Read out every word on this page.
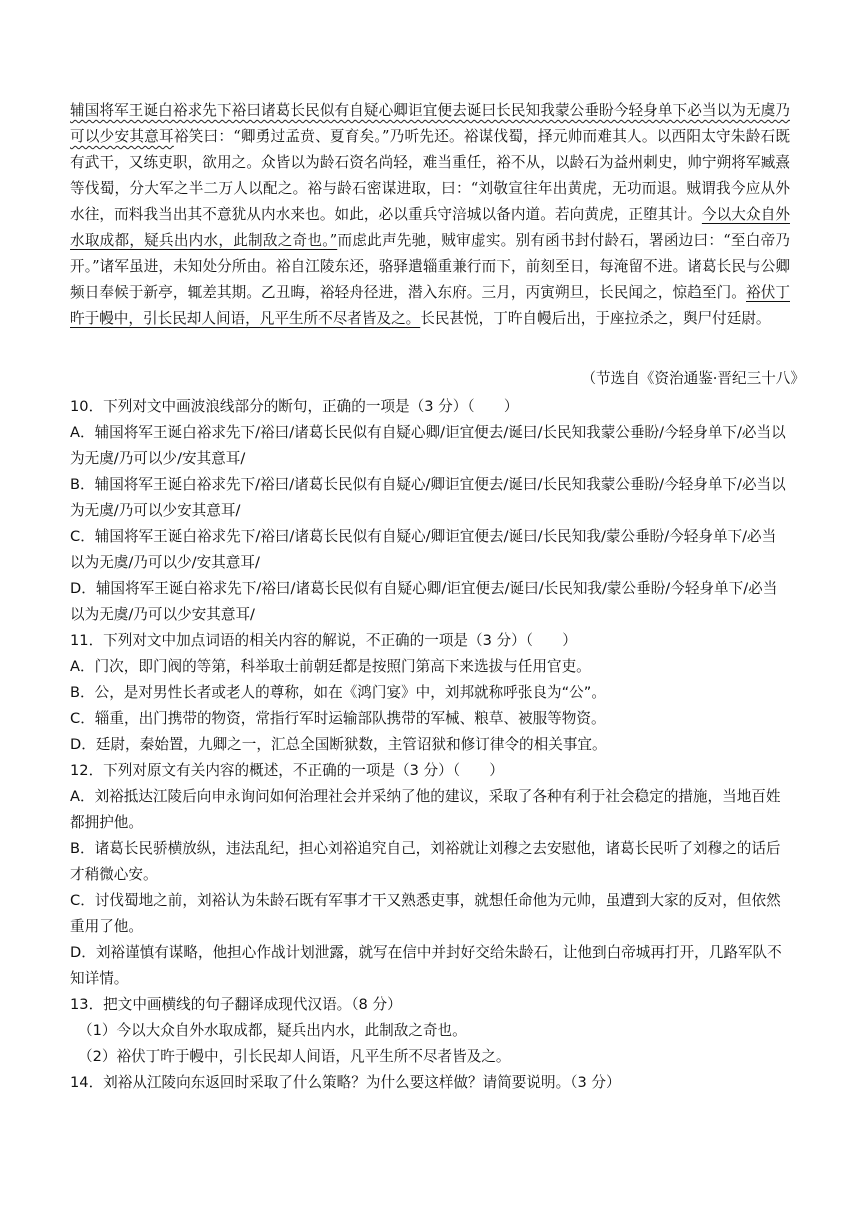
辅国将军王诞白裕求先下裕曰诸葛长民似有自疑心卿讵宜便去诞曰长民知我蒙公垂盼今轻身单下必当以为无虞乃可以少安其意耳裕笑曰：“卿勇过孟贲、夏育矣。”乃听先还。裕谋伐蜀，择元帅而难其人。以西阳太守朱龄石既有武干，又练吏职，欲用之。众皆以为龄石资名尚轻，难当重任，裕不从，以龄石为益州刺史，帅宁朔将军臧熹等伐蜀，分大军之半二万人以配之。裕与龄石密谋进取，曰：“刘敬宣往年出黄虎，无功而退。贼谓我今应从外水往，而料我当出其不意犹从内水来也。如此，必以重兵守涪城以备内道。若向黄虎，正堕其计。今以大众自外水取成都，疑兵出内水，此制敌之奇也。”而虑此声先驰，贼审虚实。别有函书封付龄石，署函边曰：“至白帝乃开。”诸军虽进，未知处分所由。裕自江陵东还，骆驿遣辎重兼行而下，前刻至日，每淹留不进。诸葛长民与公卿频日奉候于新亭，辄差其期。乙丑晦，裕轻舟径进，潜入东府。三月，丙寅朔旦，长民闻之，惊趋至门。裕伏丁旿于幔中，引长民却人间语，凡平生所不尽者皆及之。长民甚悦，丁旿自幔后出，于座拉杀之，舆尸付廷尉。

（节选自《资治通鉴·晋纪三十八》

10．下列对文中画波浪线部分的断句，正确的一项是（3 分）（　　）

A．辅国将军王诞白裕求先下/裕曰/诸葛长民似有自疑心卿/讵宜便去/诞曰/长民知我蒙公垂盼/今轻身单下/必当以为无虞/乃可以少/安其意耳/

B．辅国将军王诞白裕求先下/裕曰/诸葛长民似有自疑心/卿讵宜便去/诞曰/长民知我蒙公垂盼/今轻身单下/必当以为无虞/乃可以少安其意耳/

C．辅国将军王诞白裕求先下/裕曰/诸葛长民似有自疑心/卿讵宜便去/诞曰/长民知我/蒙公垂盼/今轻身单下/必当以为无虞/乃可以少/安其意耳/

D．辅国将军王诞白裕求先下/裕曰/诸葛长民似有自疑心卿/讵宜便去/诞曰/长民知我/蒙公垂盼/今轻身单下/必当以为无虞/乃可以少安其意耳/

11．下列对文中加点词语的相关内容的解说，不正确的一项是（3 分）（　　）

A．门次，即门阀的等第，科举取士前朝廷都是按照门第高下来选拔与任用官吏。

B．公，是对男性长者或老人的尊称，如在《鸿门宴》中，刘邦就称呼张良为“公”。

C．辎重，出门携带的物资，常指行军时运输部队携带的军械、粮草、被服等物资。

D．廷尉，秦始置，九卿之一，汇总全国断狱数，主管诏狱和修订律令的相关事宜。

12．下列对原文有关内容的概述，不正确的一项是（3 分）（　　）

A．刘裕抵达江陵后向申永询问如何治理社会并采纳了他的建议，采取了各种有利于社会稳定的措施，当地百姓都拥护他。

B．诸葛长民骄横放纵，违法乱纪，担心刘裕追究自己，刘裕就让刘穆之去安慰他，诸葛长民听了刘穆之的话后才稍微心安。

C．讨伐蜀地之前，刘裕认为朱龄石既有军事才干又熟悉吏事，就想任命他为元帅，虽遭到大家的反对，但依然重用了他。

D．刘裕谨慎有谋略，他担心作战计划泄露，就写在信中并封好交给朱龄石，让他到白帝城再打开，几路军队不知详情。

13．把文中画横线的句子翻译成现代汉语。（8 分）

（1）今以大众自外水取成都，疑兵出内水，此制敌之奇也。

（2）裕伏丁旿于幔中，引长民却人间语，凡平生所不尽者皆及之。

14．刘裕从江陵向东返回时采取了什么策略？为什么要这样做？请简要说明。（3 分）
